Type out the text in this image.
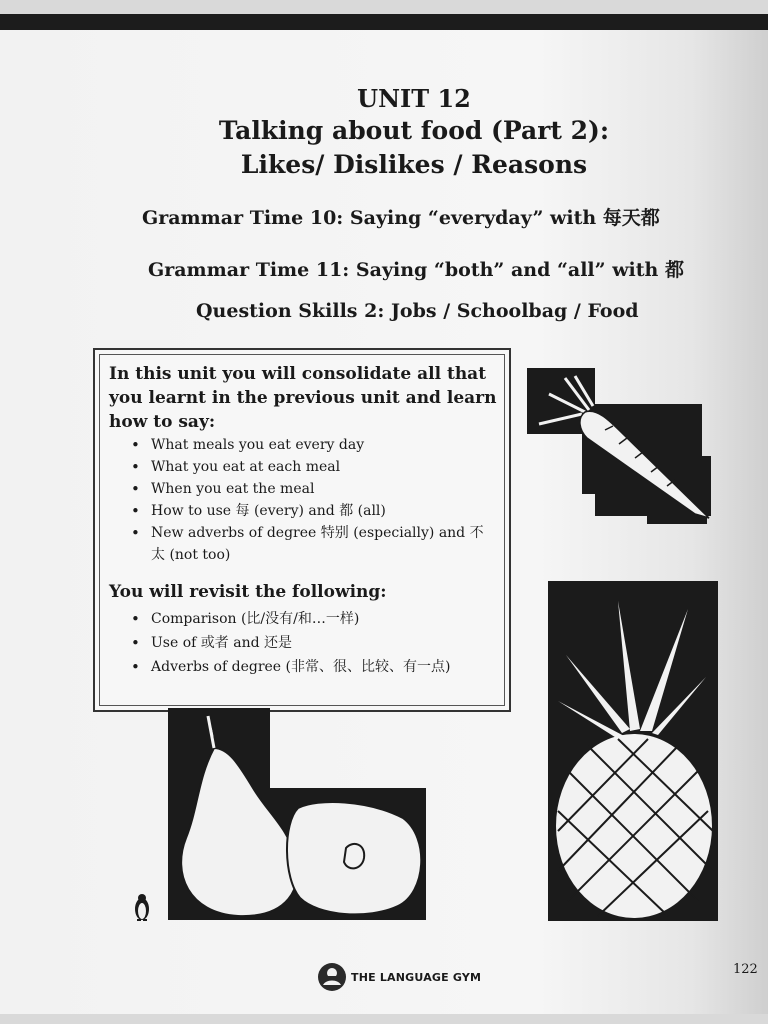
UNIT 12
Talking about food (Part 2):
Likes/ Dislikes / Reasons
Grammar Time 10: Saying “everyday” with 每天都
Grammar Time 11: Saying “both” and “all” with 都
Question Skills 2: Jobs / Schoolbag / Food
In this unit you will consolidate all that you learnt in the previous unit and learn how to say:
• What meals you eat every day
• What you eat at each meal
• When you eat the meal
• How to use 每 (every) and 都 (all)
• New adverbs of degree 特别 (especially) and 不太 (not too)
You will revisit the following:
• Comparison (比/没有/和…一样)
• Use of 或者 and 还是
• Adverbs of degree (非常、很、比较、有一点)
THE LANGUAGE GYM
122
